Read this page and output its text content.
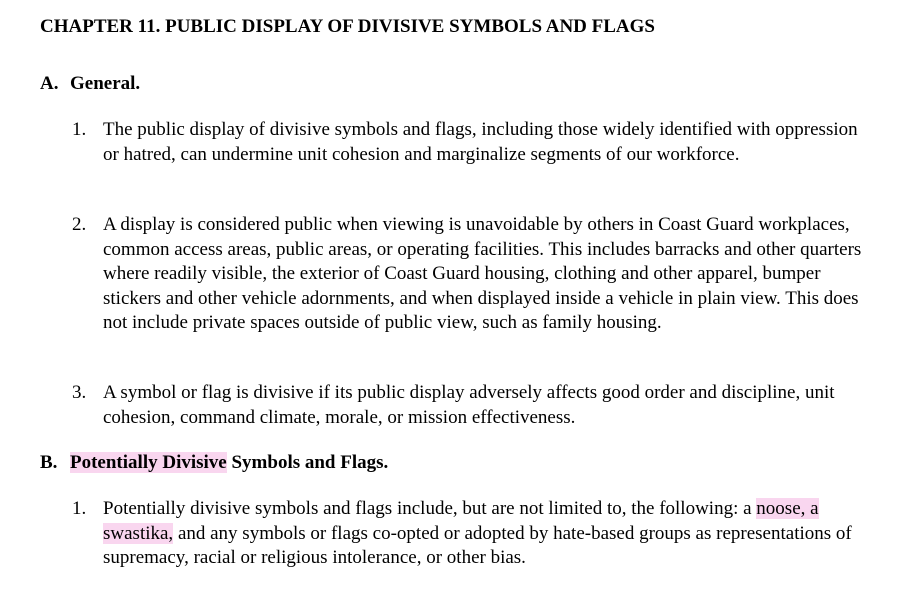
CHAPTER 11. PUBLIC DISPLAY OF DIVISIVE SYMBOLS AND FLAGS
A. General.
1. The public display of divisive symbols and flags, including those widely identified with oppression or hatred, can undermine unit cohesion and marginalize segments of our workforce.
2. A display is considered public when viewing is unavoidable by others in Coast Guard workplaces, common access areas, public areas, or operating facilities. This includes barracks and other quarters where readily visible, the exterior of Coast Guard housing, clothing and other apparel, bumper stickers and other vehicle adornments, and when displayed inside a vehicle in plain view. This does not include private spaces outside of public view, such as family housing.
3. A symbol or flag is divisive if its public display adversely affects good order and discipline, unit cohesion, command climate, morale, or mission effectiveness.
B. Potentially Divisive Symbols and Flags.
1. Potentially divisive symbols and flags include, but are not limited to, the following: a noose, a swastika, and any symbols or flags co-opted or adopted by hate-based groups as representations of supremacy, racial or religious intolerance, or other bias.
